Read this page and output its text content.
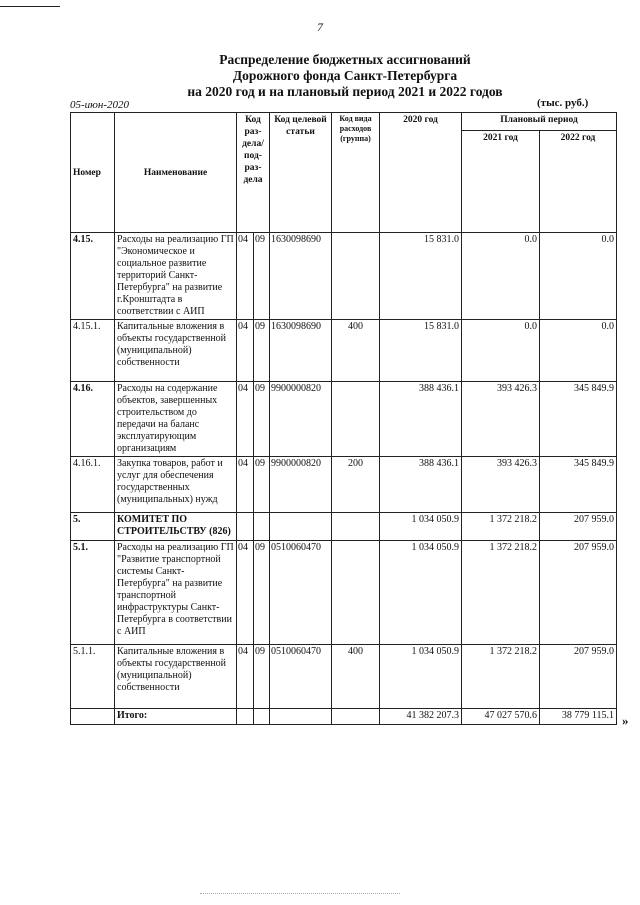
7
Распределение бюджетных ассигнований
Дорожного фонда Санкт-Петербурга
на 2020 год и на плановый период 2021 и 2022 годов
05-июн-2020	(тыс. руб.)
Номер	Наименование	Код раз-дела/ под-раз-дела		Код целевой статьи	Код вида расходов (группа)	2020 год	Плановый период	
							2021 год	2022 год
4.15.	Расходы на реализацию ГП "Экономическое и социальное развитие территорий Санкт-Петербурга" на развитие г.Кронштадта в соответствии с АИП	04	09	1630098690		15 831.0	0.0	0.0
4.15.1.	Капитальные вложения в объекты государственной (муниципальной) собственности	04	09	1630098690	400	15 831.0	0.0	0.0
4.16.	Расходы на содержание объектов, завершенных строительством до передачи на баланс эксплуатирующим организациям	04	09	9900000820		388 436.1	393 426.3	345 849.9
4.16.1.	Закупка товаров, работ и услуг для обеспечения государственных (муниципальных) нужд	04	09	9900000820	200	388 436.1	393 426.3	345 849.9
5.	КОМИТЕТ ПО СТРОИТЕЛЬСТВУ (826)					1 034 050.9	1 372 218.2	207 959.0
5.1.	Расходы на реализацию ГП "Развитие транспортной системы Санкт-Петербурга" на развитие транспортной инфраструктуры Санкт-Петербурга в соответствии с АИП	04	09	0510060470		1 034 050.9	1 372 218.2	207 959.0
5.1.1.	Капитальные вложения в объекты государственной (муниципальной) собственности	04	09	0510060470	400	1 034 050.9	1 372 218.2	207 959.0
	Итого:					41 382 207.3	47 027 570.6	38 779 115.1 »
